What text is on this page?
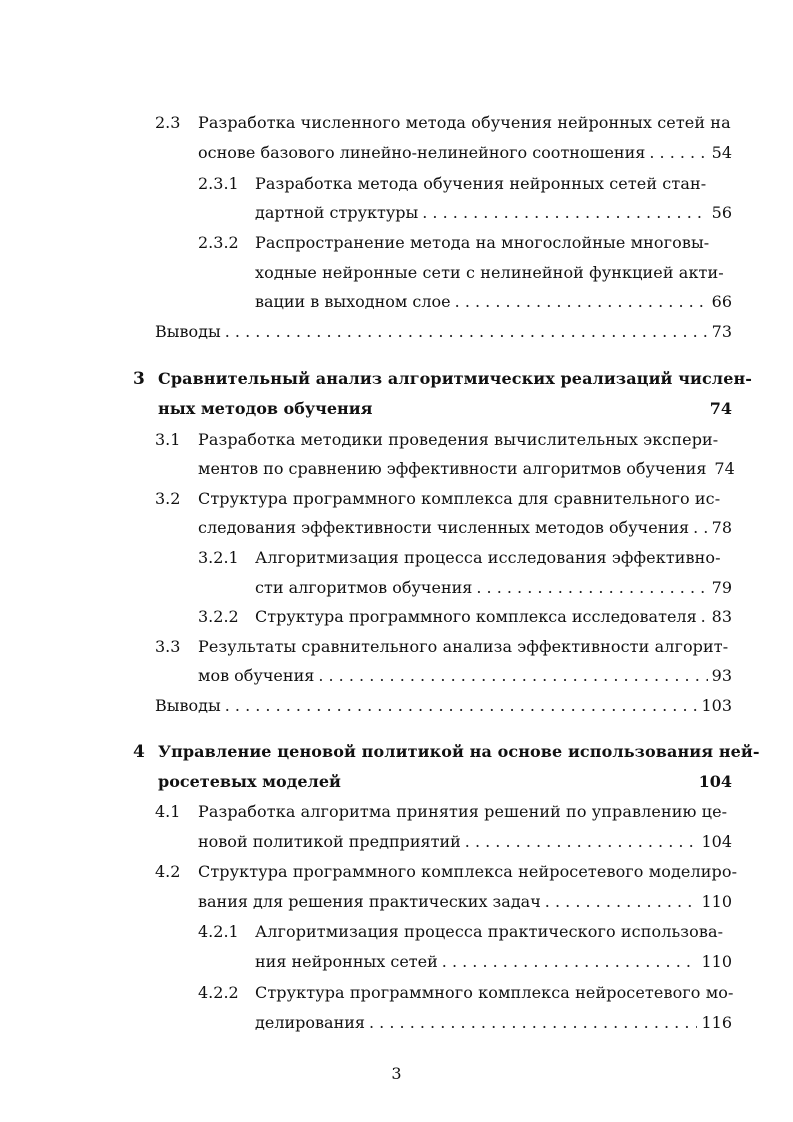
2.3 Разработка численного метода обучения нейронных сетей на
основе базового линейно-нелинейного соотношения . . .	54
2.3.1 Разработка метода обучения нейронных сетей стан-
дартной структуры . . .	56
2.3.2 Распространение метода на многослойные многовы-
ходные нейронные сети с нелинейной функцией акти-
вации в выходном слое . . .	66
Выводы . . .	73
3 Сравнительный анализ алгоритмических реализаций числен-
ных методов обучения	74
3.1 Разработка методики проведения вычислительных экспери-
ментов по сравнению эффективности алгоритмов обучения 74
3.2 Структура программного комплекса для сравнительного ис-
следования эффективности численных методов обучения . . . 78
3.2.1 Алгоритмизация процесса исследования эффективно-
сти алгоритмов обучения . . .	79
3.2.2 Структура программного комплекса исследователя . . . 83
3.3 Результаты сравнительного анализа эффективности алгорит-
мов обучения . . .	93
Выводы . . .	103
4 Управление ценовой политикой на основе использования ней-
росетевых моделей	104
4.1 Разработка алгоритма принятия решений по управлению це-
новой политикой предприятий . . .	104
4.2 Структура программного комплекса нейросетевого моделиро-
вания для решения практических задач . . .	110
4.2.1 Алгоритмизация процесса практического использова-
ния нейронных сетей . . .	110
4.2.2 Структура программного комплекса нейросетевого мо-
делирования . . .	116
3
